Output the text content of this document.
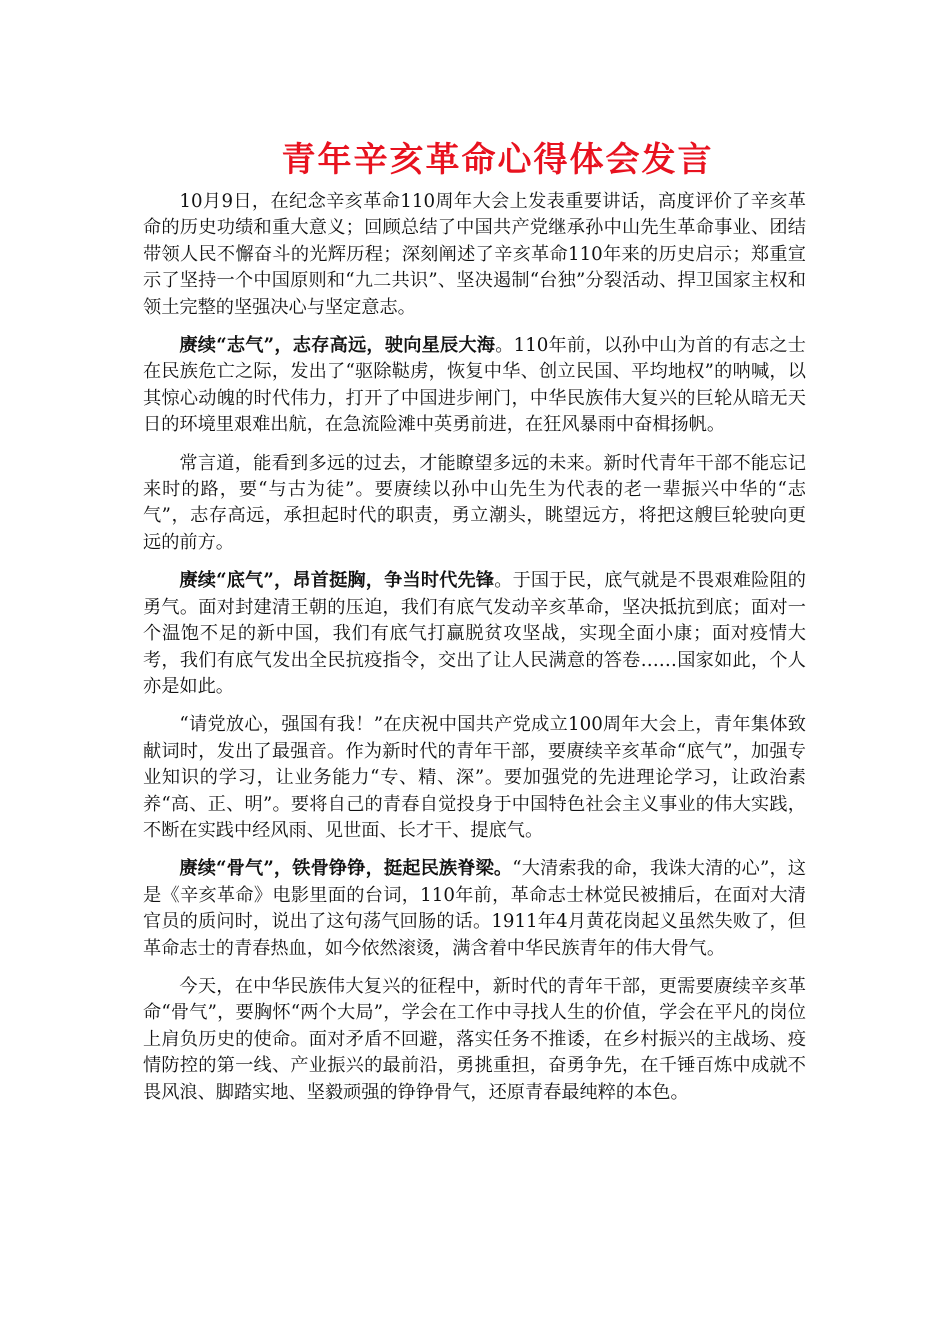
青年辛亥革命心得体会发言

10月9日，在纪念辛亥革命110周年大会上发表重要讲话，高度评价了辛亥革命的历史功绩和重大意义；回顾总结了中国共产党继承孙中山先生革命事业、团结带领人民不懈奋斗的光辉历程；深刻阐述了辛亥革命110年来的历史启示；郑重宣示了坚持一个中国原则和“九二共识”、坚决遏制“台独”分裂活动、捍卫国家主权和领土完整的坚强决心与坚定意志。

赓续“志气”，志存高远，驶向星辰大海。110年前，以孙中山为首的有志之士在民族危亡之际，发出了“驱除鞑虏，恢复中华、创立民国、平均地权”的呐喊，以其惊心动魄的时代伟力，打开了中国进步闸门，中华民族伟大复兴的巨轮从暗无天日的环境里艰难出航，在急流险滩中英勇前进，在狂风暴雨中奋楫扬帆。

常言道，能看到多远的过去，才能瞭望多远的未来。新时代青年干部不能忘记来时的路，要“与古为徒”。要赓续以孙中山先生为代表的老一辈振兴中华的“志气”，志存高远，承担起时代的职责，勇立潮头，眺望远方，将把这艘巨轮驶向更远的前方。

赓续“底气”，昂首挺胸，争当时代先锋。于国于民，底气就是不畏艰难险阻的勇气。面对封建清王朝的压迫，我们有底气发动辛亥革命，坚决抵抗到底；面对一个温饱不足的新中国，我们有底气打赢脱贫攻坚战，实现全面小康；面对疫情大考，我们有底气发出全民抗疫指令，交出了让人民满意的答卷……国家如此，个人亦是如此。

“请党放心，强国有我！”在庆祝中国共产党成立100周年大会上，青年集体致献词时，发出了最强音。作为新时代的青年干部，要赓续辛亥革命“底气”，加强专业知识的学习，让业务能力“专、精、深”。要加强党的先进理论学习，让政治素养“高、正、明”。要将自己的青春自觉投身于中国特色社会主义事业的伟大实践，不断在实践中经风雨、见世面、长才干、提底气。

赓续“骨气”，铁骨铮铮，挺起民族脊梁。“大清索我的命，我诛大清的心”，这是《辛亥革命》电影里面的台词，110年前，革命志士林觉民被捕后，在面对大清官员的质问时，说出了这句荡气回肠的话。1911年4月黄花岗起义虽然失败了，但革命志士的青春热血，如今依然滚烫，满含着中华民族青年的伟大骨气。

今天，在中华民族伟大复兴的征程中，新时代的青年干部，更需要赓续辛亥革命“骨气”，要胸怀“两个大局”，学会在工作中寻找人生的价值，学会在平凡的岗位上肩负历史的使命。面对矛盾不回避，落实任务不推诿，在乡村振兴的主战场、疫情防控的第一线、产业振兴的最前沿，勇挑重担，奋勇争先，在千锤百炼中成就不畏风浪、脚踏实地、坚毅顽强的铮铮骨气，还原青春最纯粹的本色。
